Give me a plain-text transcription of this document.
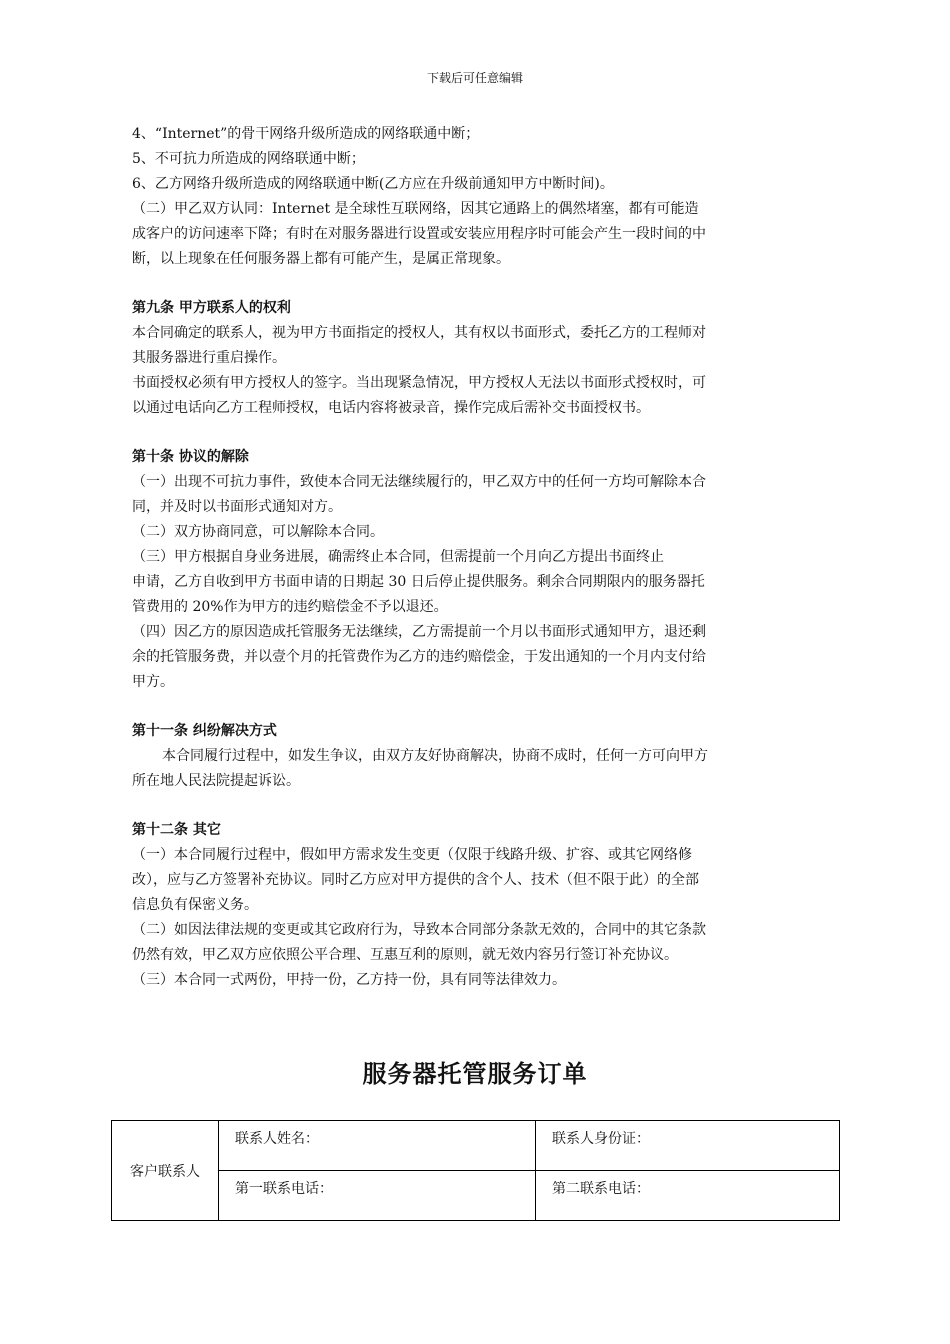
下载后可任意编辑
4、“Internet”的骨干网络升级所造成的网络联通中断；
5、不可抗力所造成的网络联通中断；
6、乙方网络升级所造成的网络联通中断(乙方应在升级前通知甲方中断时间)。
（二）甲乙双方认同：Internet 是全球性互联网络，因其它通路上的偶然堵塞，都有可能造
成客户的访问速率下降；有时在对服务器进行设置或安装应用程序时可能会产生一段时间的中
断，以上现象在任何服务器上都有可能产生，是属正常现象。
第九条 甲方联系人的权利
本合同确定的联系人，视为甲方书面指定的授权人，其有权以书面形式，委托乙方的工程师对
其服务器进行重启操作。
书面授权必须有甲方授权人的签字。当出现紧急情况，甲方授权人无法以书面形式授权时，可
以通过电话向乙方工程师授权，电话内容将被录音，操作完成后需补交书面授权书。
第十条 协议的解除
（一）出现不可抗力事件，致使本合同无法继续履行的，甲乙双方中的任何一方均可解除本合
同，并及时以书面形式通知对方。
（二）双方协商同意，可以解除本合同。
（三）甲方根据自身业务进展，确需终止本合同，但需提前一个月向乙方提出书面终止
申请，乙方自收到甲方书面申请的日期起 30 日后停止提供服务。剩余合同期限内的服务器托
管费用的 20%作为甲方的违约赔偿金不予以退还。
（四）因乙方的原因造成托管服务无法继续，乙方需提前一个月以书面形式通知甲方，退还剩
余的托管服务费，并以壹个月的托管费作为乙方的违约赔偿金，于发出通知的一个月内支付给
甲方。
第十一条 纠纷解决方式
本合同履行过程中，如发生争议，由双方友好协商解决，协商不成时，任何一方可向甲方
所在地人民法院提起诉讼。
第十二条 其它
（一）本合同履行过程中，假如甲方需求发生变更（仅限于线路升级、扩容、或其它网络修
改），应与乙方签署补充协议。同时乙方应对甲方提供的含个人、技术（但不限于此）的全部
信息负有保密义务。
（二）如因法律法规的变更或其它政府行为，导致本合同部分条款无效的，合同中的其它条款
仍然有效，甲乙双方应依照公平合理、互惠互利的原则，就无效内容另行签订补充协议。
（三）本合同一式两份，甲持一份，乙方持一份，具有同等法律效力。
服务器托管服务订单
客户联系人	联系人姓名：	联系人身份证：
	第一联系电话：	第二联系电话：
